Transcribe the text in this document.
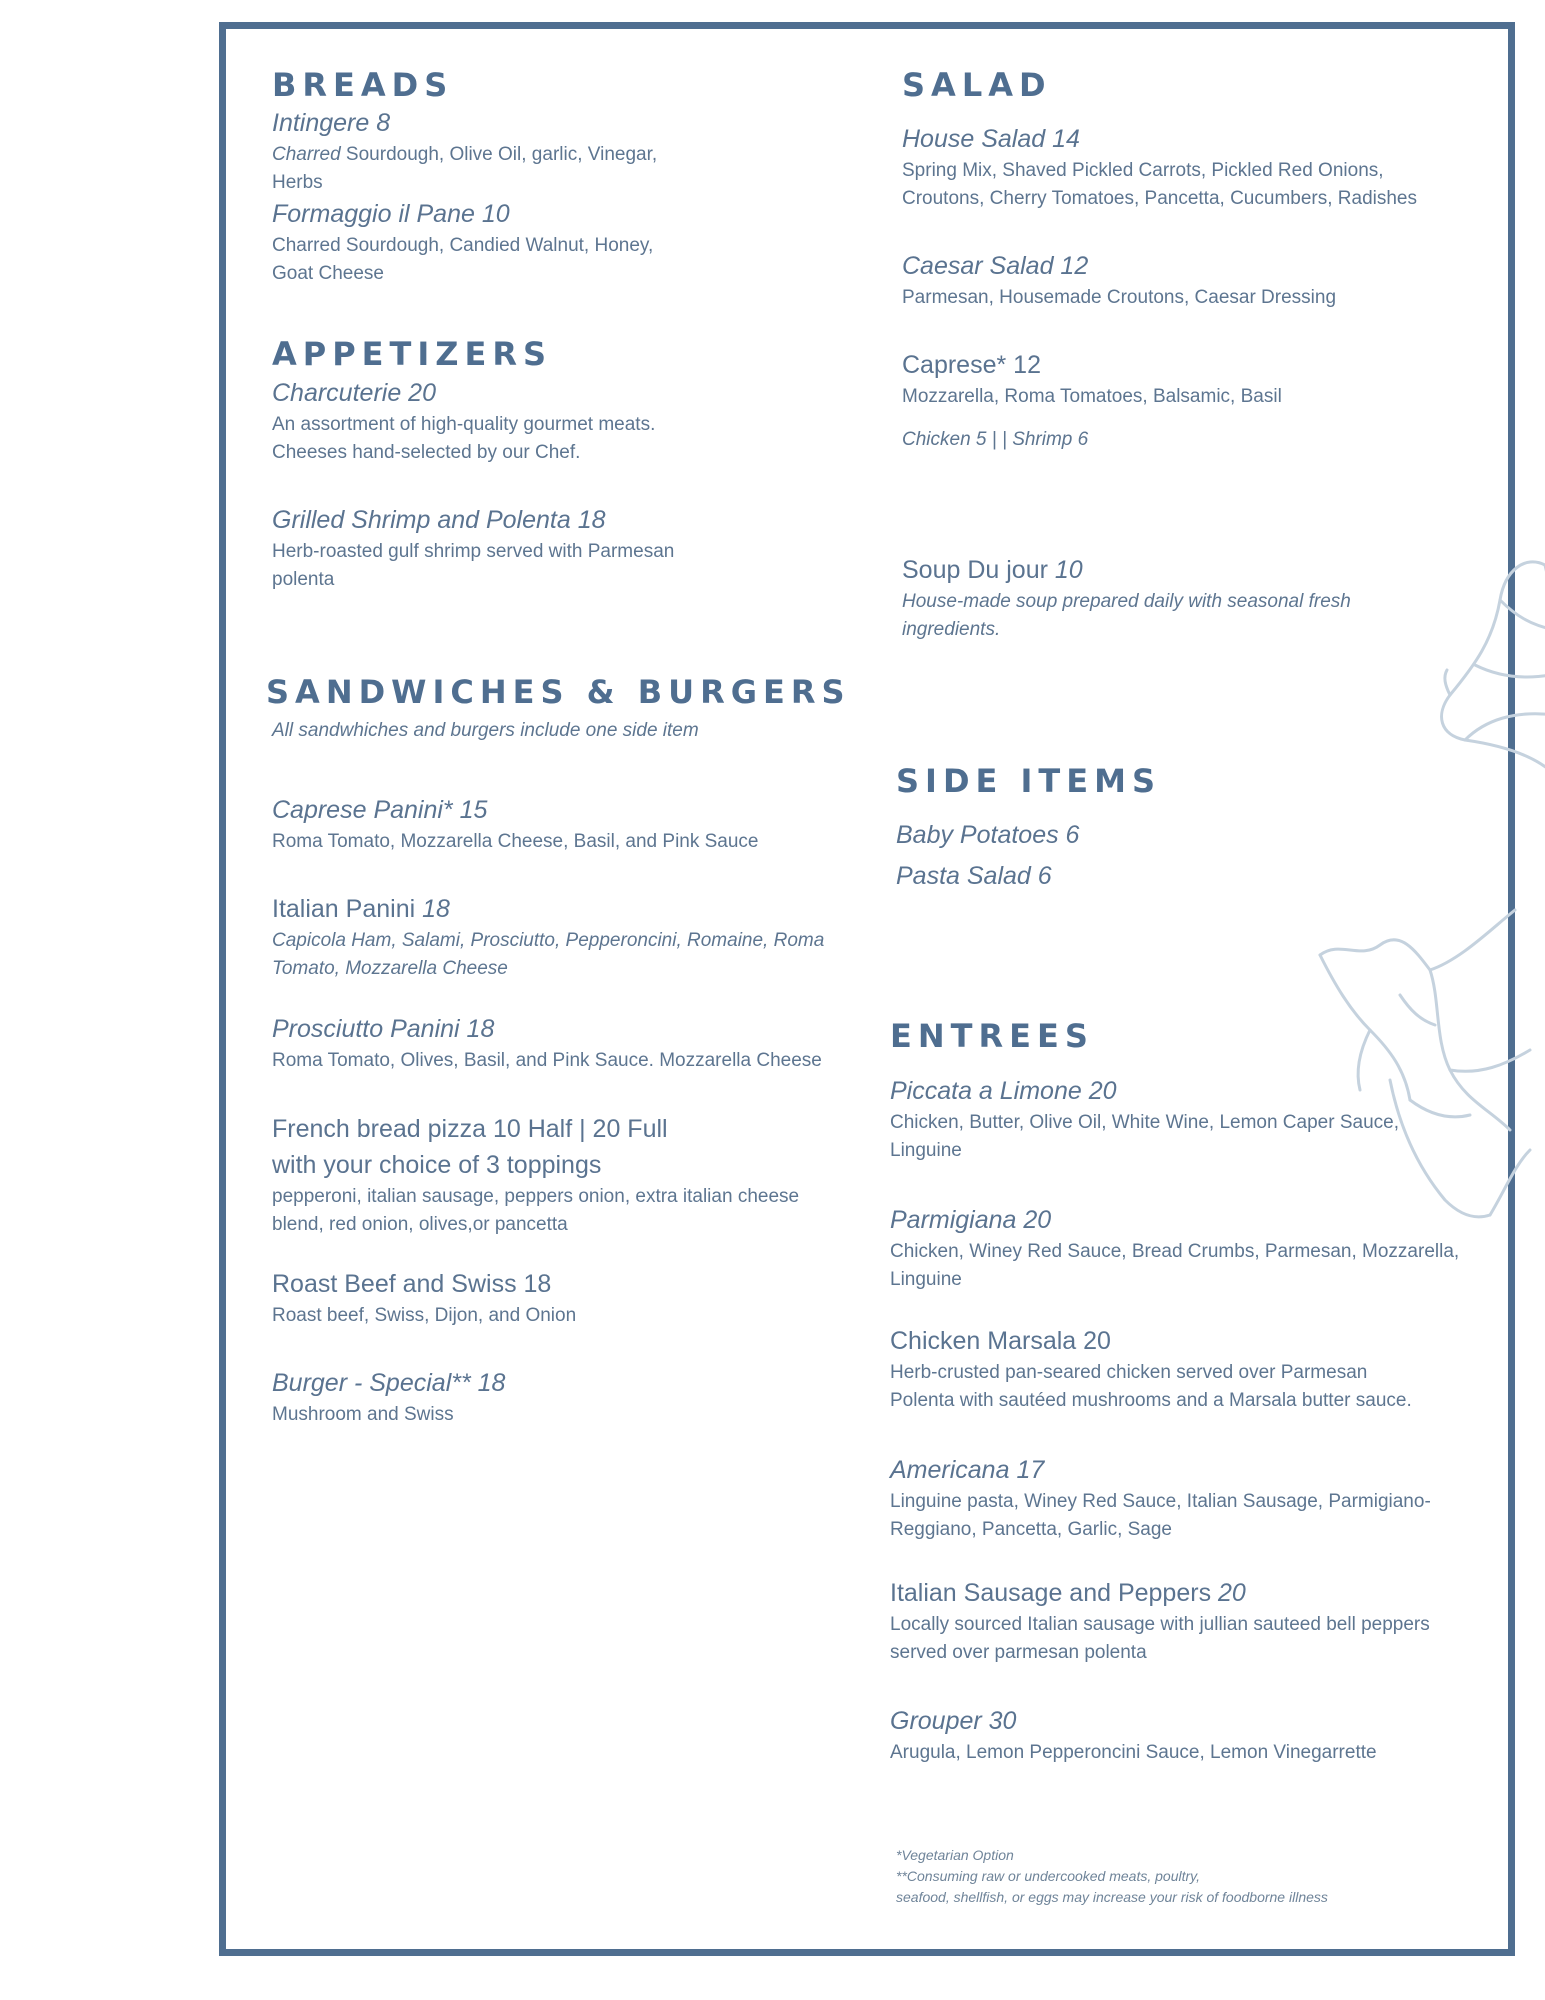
BREADS
Intingere 8
Charred Sourdough, Olive Oil, garlic, Vinegar,
Herbs
Formaggio il Pane 10
Charred Sourdough, Candied Walnut, Honey,
Goat Cheese
APPETIZERS
Charcuterie 20
An assortment of high-quality gourmet meats.
Cheeses hand-selected by our Chef.
Grilled Shrimp and Polenta 18
Herb-roasted gulf shrimp served with Parmesan
polenta
SANDWICHES & BURGERS
All sandwhiches and burgers include one side item
Caprese Panini* 15
Roma Tomato, Mozzarella Cheese, Basil, and Pink Sauce
Italian Panini 18
Capicola Ham, Salami, Prosciutto, Pepperoncini, Romaine, Roma
Tomato, Mozzarella Cheese
Prosciutto Panini 18
Roma Tomato, Olives, Basil, and Pink Sauce. Mozzarella Cheese
French bread pizza 10 Half | 20 Full
with your choice of 3 toppings
pepperoni, italian sausage, peppers onion, extra italian cheese
blend, red onion, olives,or pancetta
Roast Beef and Swiss 18
Roast beef, Swiss, Dijon, and Onion
Burger - Special** 18
Mushroom and Swiss
SALAD
House Salad 14
Spring Mix, Shaved Pickled Carrots, Pickled Red Onions,
Croutons, Cherry Tomatoes, Pancetta, Cucumbers, Radishes
Caesar Salad 12
Parmesan, Housemade Croutons, Caesar Dressing
Caprese* 12
Mozzarella, Roma Tomatoes, Balsamic, Basil
Chicken 5 | | Shrimp 6
Soup Du jour 10
House-made soup prepared daily with seasonal fresh
ingredients.
SIDE ITEMS
Baby Potatoes 6
Pasta Salad 6
ENTREES
Piccata a Limone 20
Chicken, Butter, Olive Oil, White Wine, Lemon Caper Sauce,
Linguine
Parmigiana 20
Chicken, Winey Red Sauce, Bread Crumbs, Parmesan, Mozzarella,
Linguine
Chicken Marsala 20
Herb-crusted pan-seared chicken served over Parmesan
Polenta with sautéed mushrooms and a Marsala butter sauce.
Americana 17
Linguine pasta, Winey Red Sauce, Italian Sausage, Parmigiano-
Reggiano, Pancetta, Garlic, Sage
Italian Sausage and Peppers 20
Locally sourced Italian sausage with jullian sauteed bell peppers
served over parmesan polenta
Grouper 30
Arugula, Lemon Pepperoncini Sauce, Lemon Vinegarrette
*Vegetarian Option
**Consuming raw or undercooked meats, poultry,
seafood, shellfish, or eggs may increase your risk of foodborne illness
